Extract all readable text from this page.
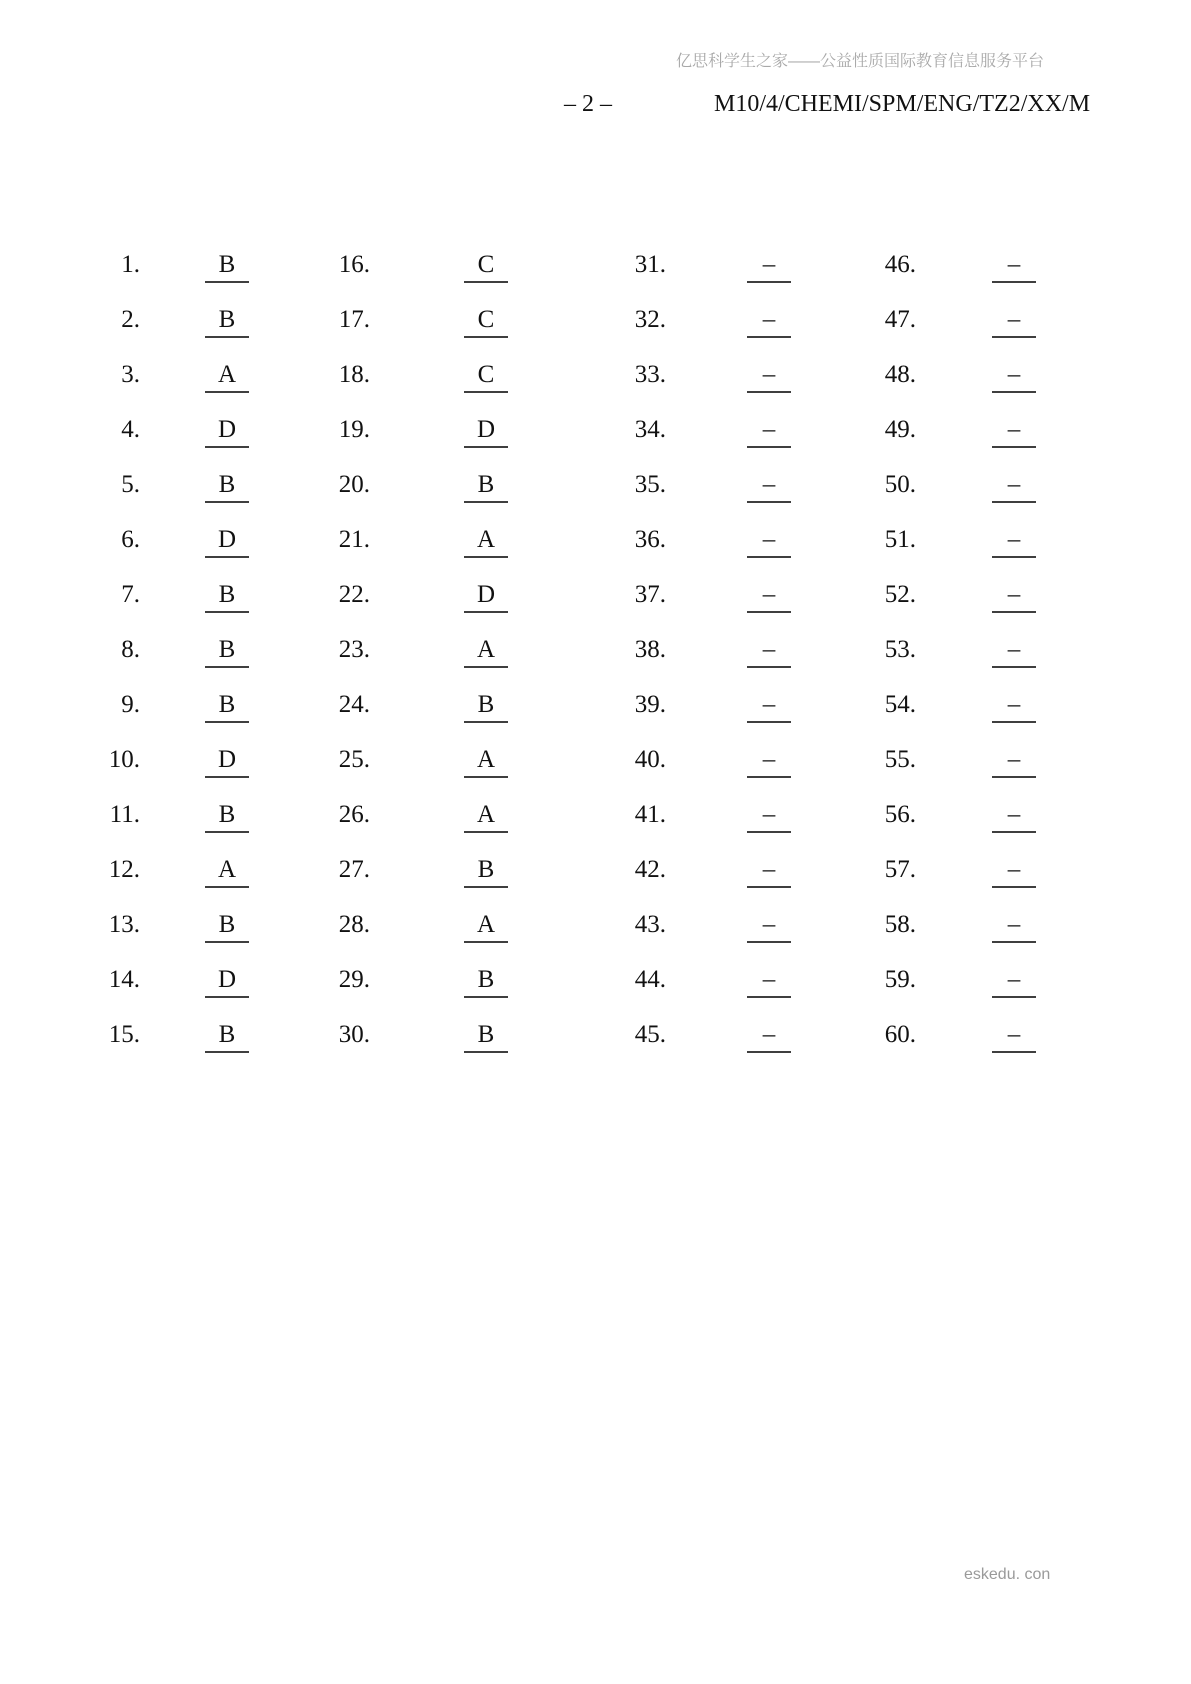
亿思科学生之家——公益性质国际教育信息服务平台
– 2 –	M10/4/CHEMI/SPM/ENG/TZ2/XX/M
1.	B	16.	C	31.	–	46.	–
2.	B	17.	C	32.	–	47.	–
3.	A	18.	C	33.	–	48.	–
4.	D	19.	D	34.	–	49.	–
5.	B	20.	B	35.	–	50.	–
6.	D	21.	A	36.	–	51.	–
7.	B	22.	D	37.	–	52.	–
8.	B	23.	A	38.	–	53.	–
9.	B	24.	B	39.	–	54.	–
10.	D	25.	A	40.	–	55.	–
11.	B	26.	A	41.	–	56.	–
12.	A	27.	B	42.	–	57.	–
13.	B	28.	A	43.	–	58.	–
14.	D	29.	B	44.	–	59.	–
15.	B	30.	B	45.	–	60.	–
eskedu. con
